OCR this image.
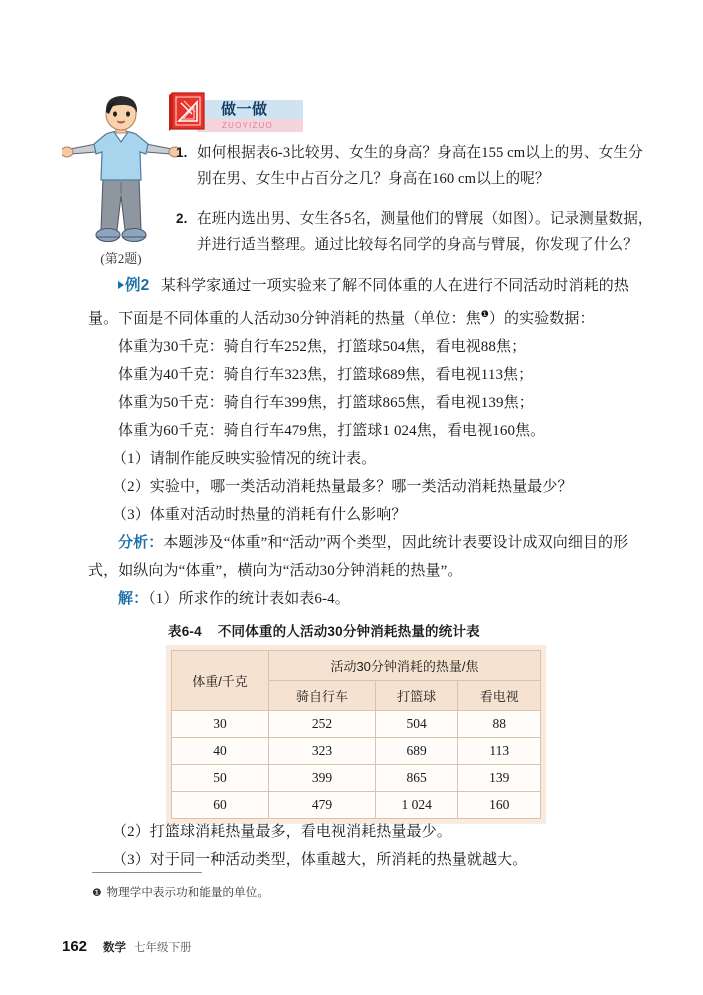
(第2题)
做一做
ZUOYIZUO
1. 如何根据表6-3比较男、女生的身高？身高在155 cm以上的男、女生分别在男、女生中占百分之几？身高在160 cm以上的呢？
2. 在班内选出男、女生各5名，测量他们的臂展（如图）。记录测量数据，并进行适当整理。通过比较每名同学的身高与臂展，你发现了什么？

例2 某科学家通过一项实验来了解不同体重的人在进行不同活动时消耗的热量。下面是不同体重的人活动30分钟消耗的热量（单位：焦$^❶$）的实验数据：

体重为30千克：骑自行车252焦，打篮球504焦，看电视88焦；

体重为40千克：骑自行车323焦，打篮球689焦，看电视113焦；

体重为50千克：骑自行车399焦，打篮球865焦，看电视139焦；

体重为60千克：骑自行车479焦，打篮球1 024焦，看电视160焦。

（1）请制作能反映实验情况的统计表。

（2）实验中，哪一类活动消耗热量最多？哪一类活动消耗热量最少？

（3）体重对活动时热量的消耗有什么影响？

分析：本题涉及“体重”和“活动”两个类型，因此统计表要设计成双向细目的形式，如纵向为“体重”，横向为“活动30分钟消耗的热量”。

解：（1）所求作的统计表如表6-4。

表6-4 不同体重的人活动30分钟消耗热量的统计表
体重/千克	活动30分钟消耗的热量/焦		
	骑自行车	打篮球	看电视
30	252	504	88
40	323	689	113
50	399	865	139
60	479	1 024	160

（2）打篮球消耗热量最多，看电视消耗热量最少。

（3）对于同一种活动类型，体重越大，所消耗的热量就越大。

❶ 物理学中表示功和能量的单位。
162 数学 七年级下册
